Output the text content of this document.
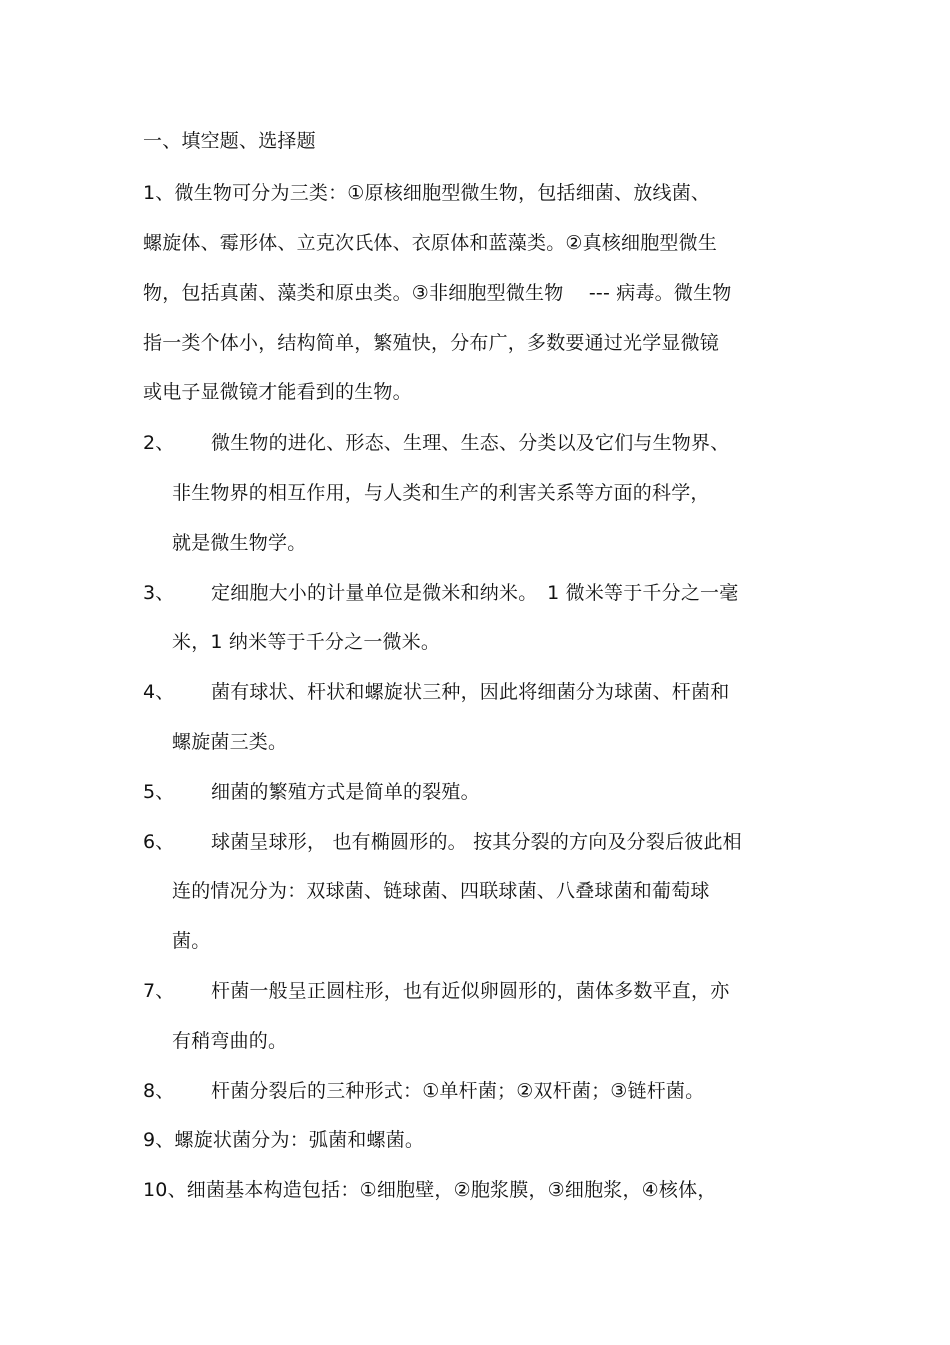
一、填空题、选择题
1、微生物可分为三类：①原核细胞型微生物，包括细菌、放线菌、
螺旋体、霉形体、立克次氏体、衣原体和蓝藻类。②真核细胞型微生
物，包括真菌、藻类和原虫类。③非细胞型微生物　 --- 病毒。微生物
指一类个体小，结构简单，繁殖快，分布广，多数要通过光学显微镜
或电子显微镜才能看到的生物。
2、 微生物的进化、形态、生理、生态、分类以及它们与生物界、
非生物界的相互作用，与人类和生产的利害关系等方面的科学，
就是微生物学。
3、 定细胞大小的计量单位是微米和纳米。　1 微米等于千分之一毫
米，1 纳米等于千分之一微米。
4、 菌有球状、杆状和螺旋状三种，因此将细菌分为球菌、杆菌和
螺旋菌三类。
5、 细菌的繁殖方式是简单的裂殖。
6、 球菌呈球形， 也有椭圆形的。 按其分裂的方向及分裂后彼此相
连的情况分为：双球菌、链球菌、四联球菌、八叠球菌和葡萄球
菌。
7、 杆菌一般呈正圆柱形，也有近似卵圆形的，菌体多数平直，亦
有稍弯曲的。
8、 杆菌分裂后的三种形式：①单杆菌；②双杆菌；③链杆菌。
9、螺旋状菌分为：弧菌和螺菌。
10、细菌基本构造包括：①细胞壁，②胞浆膜，③细胞浆，④核体，
